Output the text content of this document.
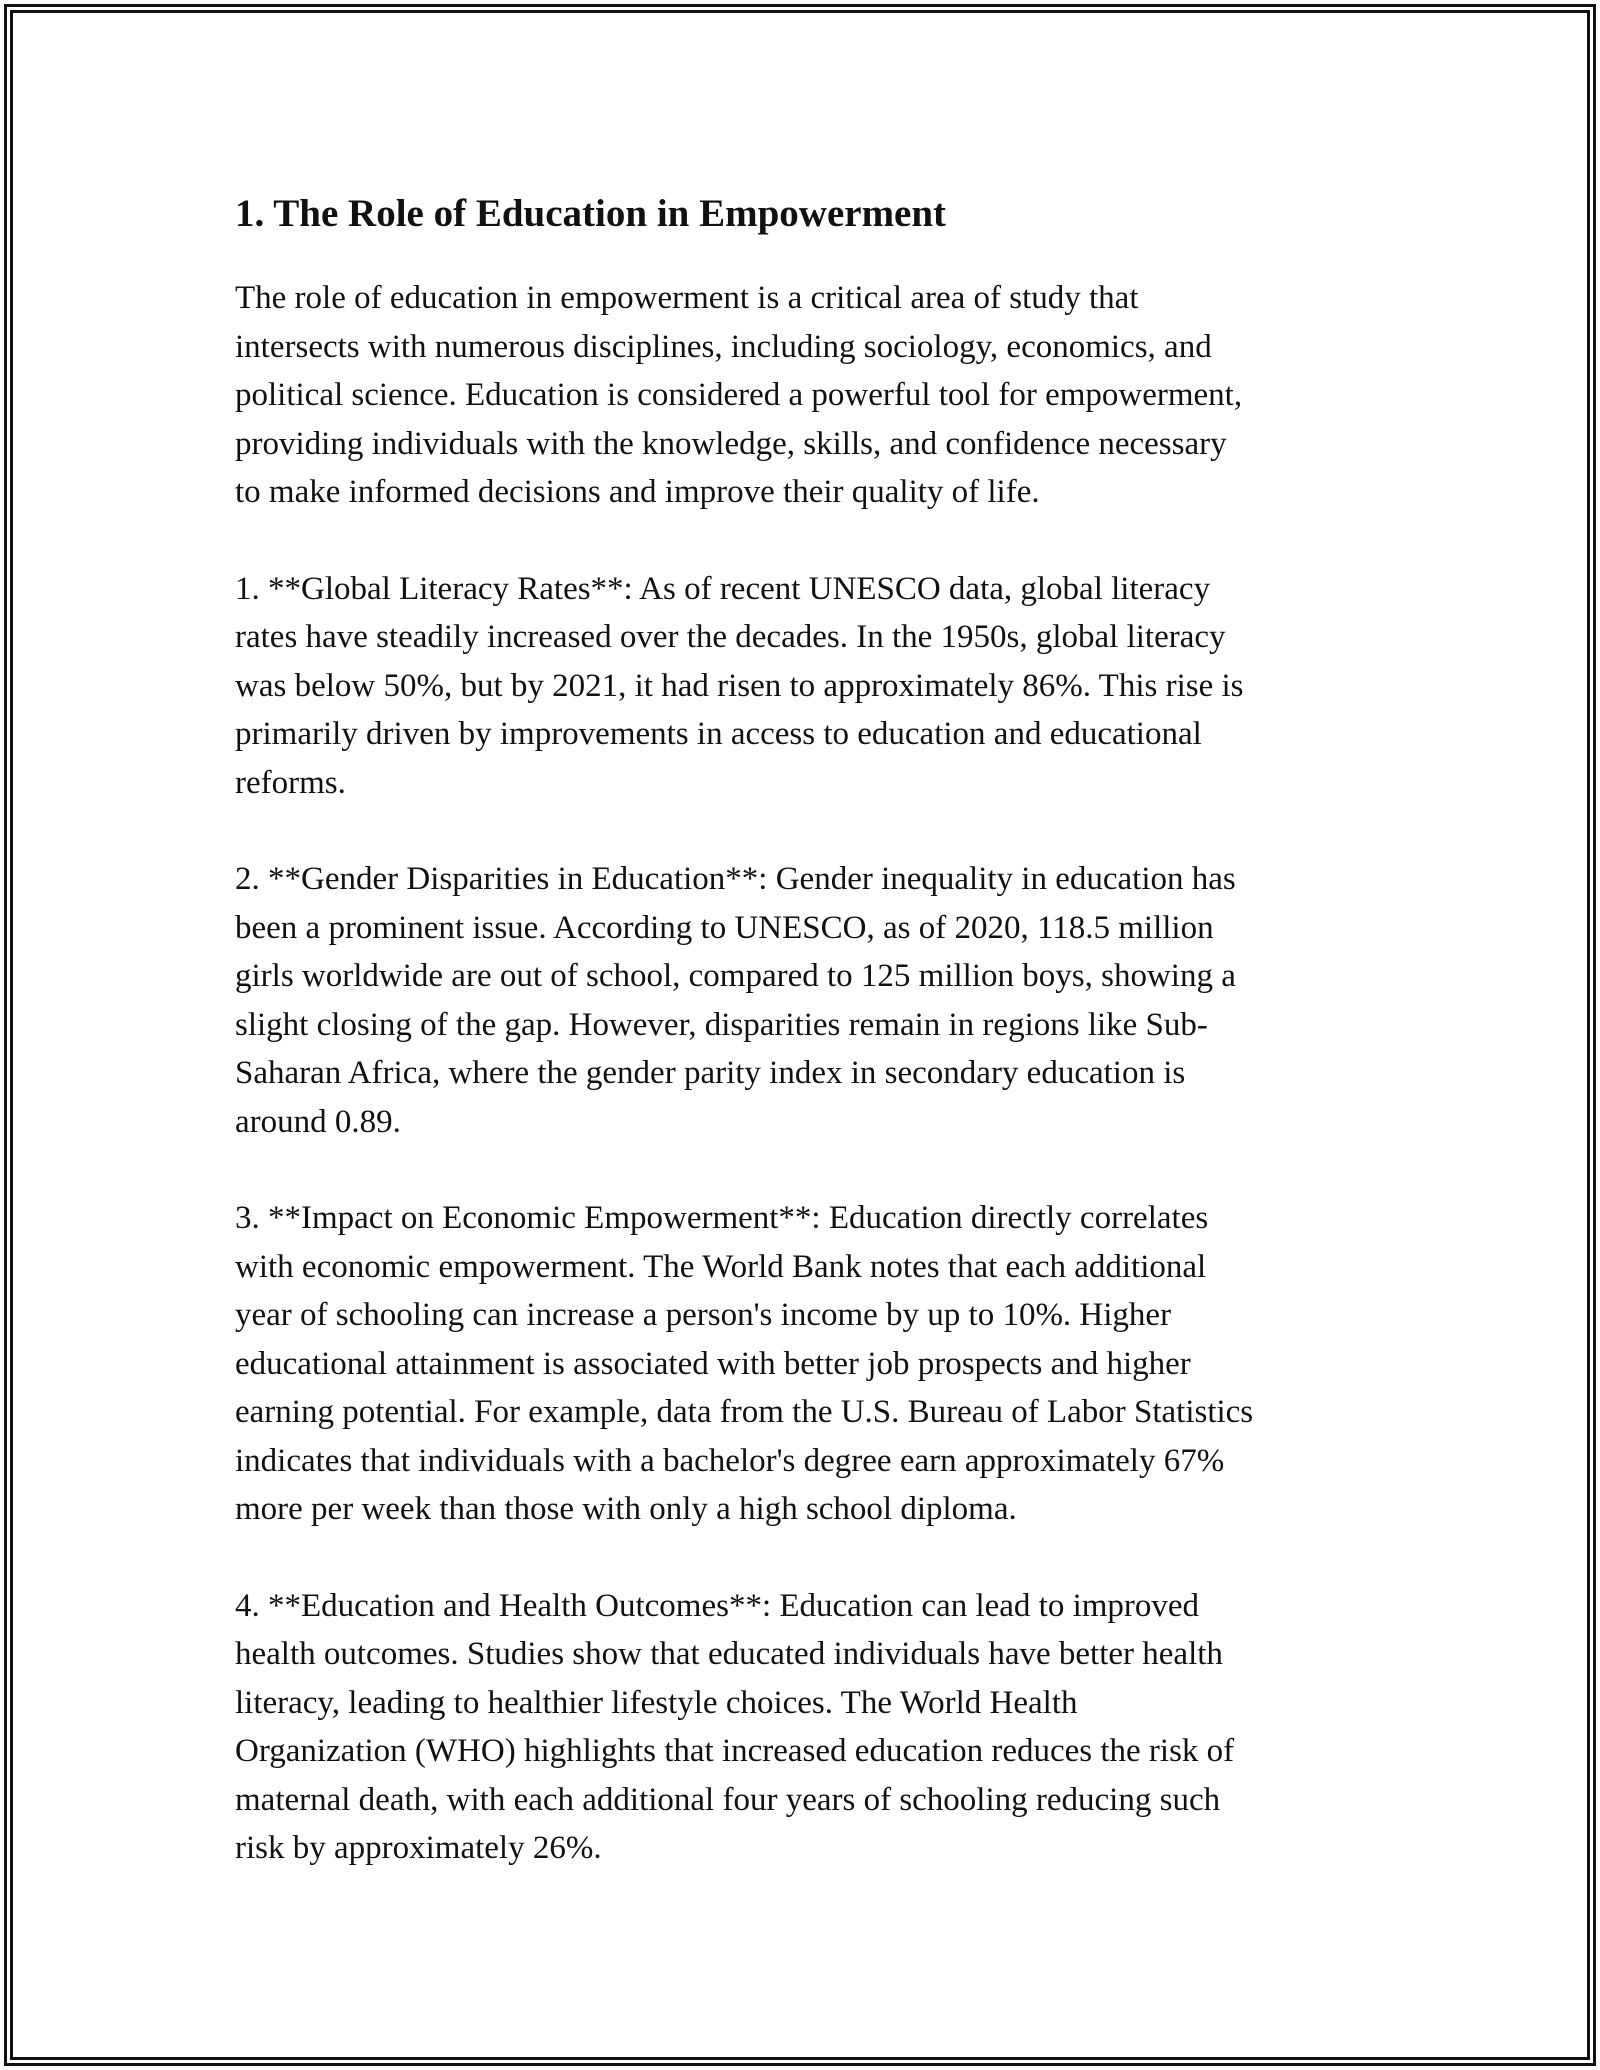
1. The Role of Education in Empowerment

The role of education in empowerment is a critical area of study that
intersects with numerous disciplines, including sociology, economics, and
political science. Education is considered a powerful tool for empowerment,
providing individuals with the knowledge, skills, and confidence necessary
to make informed decisions and improve their quality of life.

1. **Global Literacy Rates**: As of recent UNESCO data, global literacy
rates have steadily increased over the decades. In the 1950s, global literacy
was below 50%, but by 2021, it had risen to approximately 86%. This rise is
primarily driven by improvements in access to education and educational
reforms.

2. **Gender Disparities in Education**: Gender inequality in education has
been a prominent issue. According to UNESCO, as of 2020, 118.5 million
girls worldwide are out of school, compared to 125 million boys, showing a
slight closing of the gap. However, disparities remain in regions like Sub-
Saharan Africa, where the gender parity index in secondary education is
around 0.89.

3. **Impact on Economic Empowerment**: Education directly correlates
with economic empowerment. The World Bank notes that each additional
year of schooling can increase a person's income by up to 10%. Higher
educational attainment is associated with better job prospects and higher
earning potential. For example, data from the U.S. Bureau of Labor Statistics
indicates that individuals with a bachelor's degree earn approximately 67%
more per week than those with only a high school diploma.

4. **Education and Health Outcomes**: Education can lead to improved
health outcomes. Studies show that educated individuals have better health
literacy, leading to healthier lifestyle choices. The World Health
Organization (WHO) highlights that increased education reduces the risk of
maternal death, with each additional four years of schooling reducing such
risk by approximately 26%.
